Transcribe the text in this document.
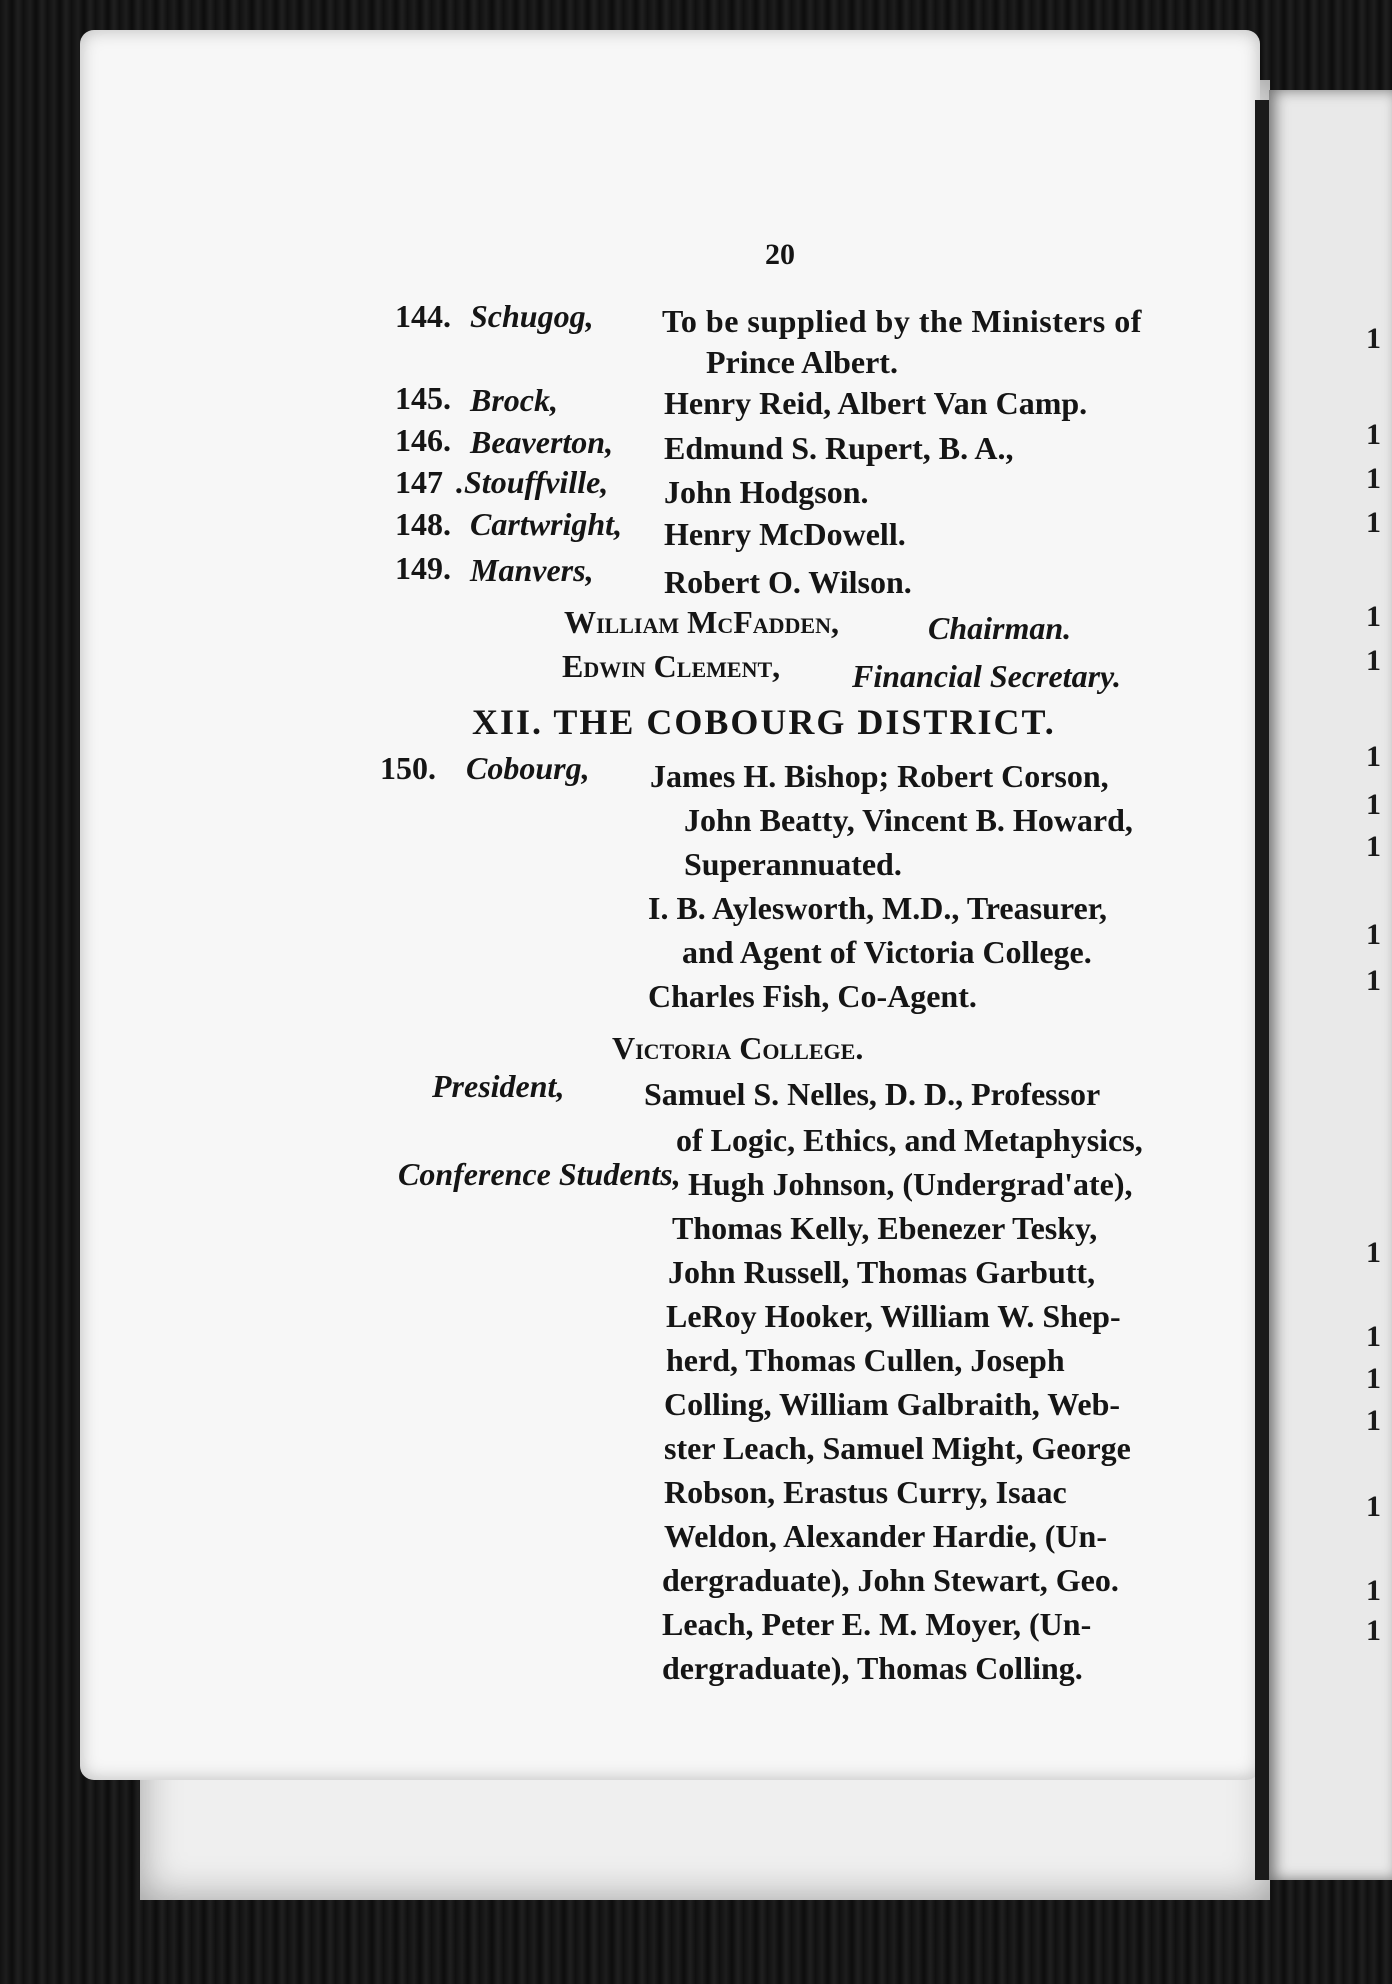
1
1
1
1
1
1
1
1
1
1
1
1
1
1
1
1
1
1
20
144. Schugog, To be supplied by the Ministers of
Prince Albert.
145. Brock,	Henry Reid, Albert Van Camp.
146. Beaverton, Edmund S. Rupert, B. A.,
147 .Stouffville, John Hodgson.
148. Cartwright, Henry McDowell.
149. Manvers, Robert O. Wilson.
William McFadden,	Chairman.
Edwin Clement, Financial Secretary.
XII. THE COBOURG DISTRICT.
150. Cobourg, James H. Bishop; Robert Corson,
John Beatty, Vincent B. Howard,
Superannuated.
I. B. Aylesworth, M.D., Treasurer,
and Agent of Victoria College.
Charles Fish, Co-Agent.
Victoria College.
President, Samuel S. Nelles, D. D., Professor
of Logic, Ethics, and Metaphysics,
Conference Students, Hugh Johnson, (Undergrad'ate),
Thomas Kelly, Ebenezer Tesky,
John Russell, Thomas Garbutt,
LeRoy Hooker, William W. Shep-
herd, Thomas Cullen, Joseph
Colling, William Galbraith, Web-
ster Leach, Samuel Might, George
Robson, Erastus Curry, Isaac
Weldon, Alexander Hardie, (Un-
dergraduate), John Stewart, Geo.
Leach, Peter E. M. Moyer, (Un-
dergraduate), Thomas Colling.
